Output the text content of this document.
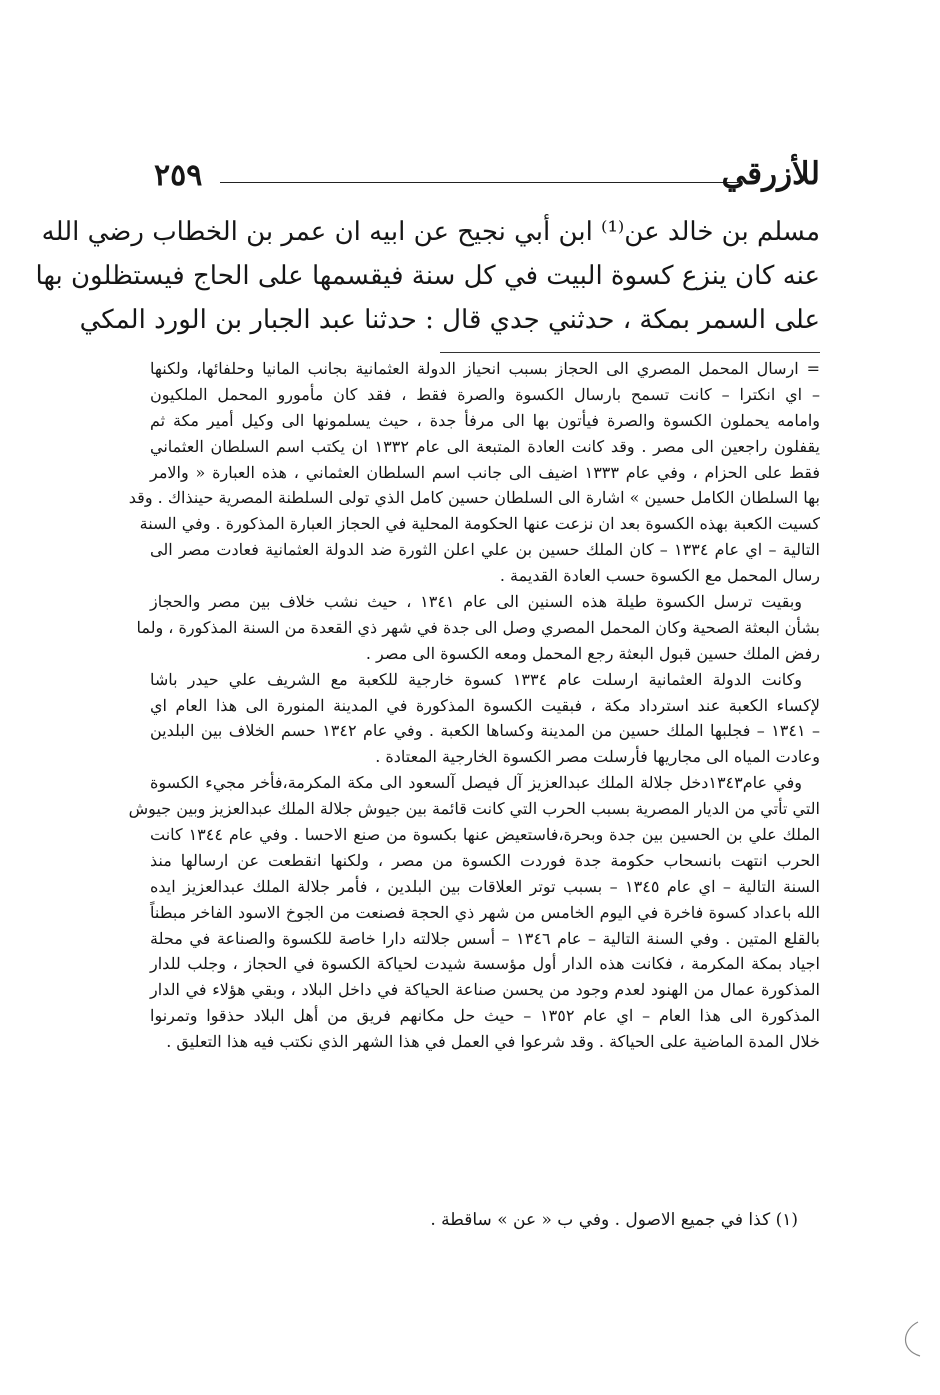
٢٥٩	للأزرقي
مسلم بن خالد عن⁽¹⁾ ابن أبي نجيح عن ابيه ان عمر بن الخطاب رضي الله
عنه كان ينزع كسوة البيت في كل سنة فيقسمها على الحاج فيستظلون بها
على السمر بمكة ، حدثني جدي قال : حدثنا عبد الجبار بن الورد المكي
= ارسال المحمل المصري الى الحجاز بسبب انحياز الدولة العثمانية بجانب المانيا وحلفائها، ولكنها
– اي انكترا – كانت تسمح بارسال الكسوة والصرة فقط ، فقد كان مأمورو المحمل الملكيون
وامامه يحملون الكسوة والصرة فيأتون بها الى مرفأ جدة ، حيث يسلمونها الى وكيل أمير مكة ثم
يقفلون راجعين الى مصر . وقد كانت العادة المتبعة الى عام ١٣٣٢ ان يكتب اسم السلطان العثماني
فقط على الحزام ، وفي عام ١٣٣٣ اضيف الى جانب اسم السلطان العثماني ، هذه العبارة « والامر
بها السلطان الكامل حسين » اشارة الى السلطان حسين كامل الذي تولى السلطنة المصرية حينذاك . وقد
كسيت الكعبة بهذه الكسوة بعد ان نزعت عنها الحكومة المحلية في الحجاز العبارة المذكورة . وفي السنة
التالية – اي عام ١٣٣٤ – كان الملك حسين بن علي اعلن الثورة ضد الدولة العثمانية فعادت مصر الى
رسال المحمل مع الكسوة حسب العادة القديمة .
وبقيت ترسل الكسوة طيلة هذه السنين الى عام ١٣٤١ ، حيث نشب خلاف بين مصر والحجاز
بشأن البعثة الصحية وكان المحمل المصري وصل الى جدة في شهر ذي القعدة من السنة المذكورة ، ولما
رفض الملك حسين قبول البعثة رجع المحمل ومعه الكسوة الى مصر .
وكانت الدولة العثمانية ارسلت عام ١٣٣٤ كسوة خارجية للكعبة مع الشريف علي حيدر باشا
لإكساء الكعبة عند استرداد مكة ، فبقيت الكسوة المذكورة في المدينة المنورة الى هذا العام اي
– ١٣٤١ – فجلبها الملك حسين من المدينة وكساها الكعبة . وفي عام ١٣٤٢ حسم الخلاف بين البلدين
وعادت المياه الى مجاريها فأرسلت مصر الكسوة الخارجية المعتادة .
وفي عام١٣٤٣دخل جلالة الملك عبدالعزيز آل فيصل آلسعود الى مكة المكرمة،فأخر مجيء الكسوة
التي تأتي من الديار المصرية بسبب الحرب التي كانت قائمة بين جيوش جلالة الملك عبدالعزيز وبين جيوش
الملك علي بن الحسين بين جدة وبحرة،فاستعيض عنها بكسوة من صنع الاحسا . وفي عام ١٣٤٤ كانت
الحرب انتهت بانسحاب حكومة جدة فوردت الكسوة من مصر ، ولكنها انقطعت عن ارسالها منذ
السنة التالية – اي عام ١٣٤٥ – بسبب توتر العلاقات بين البلدين ، فأمر جلالة الملك عبدالعزيز ايده
الله باعداد كسوة فاخرة في اليوم الخامس من شهر ذي الحجة فصنعت من الجوخ الاسود الفاخر مبطناً
بالقلع المتين . وفي السنة التالية – عام ١٣٤٦ – أسس جلالته دارا خاصة للكسوة والصناعة في محلة
اجياد بمكة المكرمة ، فكانت هذه الدار أول مؤسسة شيدت لحياكة الكسوة في الحجاز ، وجلب للدار
المذكورة عمال من الهنود لعدم وجود من يحسن صناعة الحياكة في داخل البلاد ، وبقي هؤلاء في الدار
المذكورة الى هذا العام – اي عام ١٣٥٢ – حيث حل مكانهم فريق من أهل البلاد حذقوا وتمرنوا
خلال المدة الماضية على الحياكة . وقد شرعوا في العمل في هذا الشهر الذي نكتب فيه هذا التعليق .
(١) كذا في جميع الاصول . وفي ب « عن » ساقطة .
